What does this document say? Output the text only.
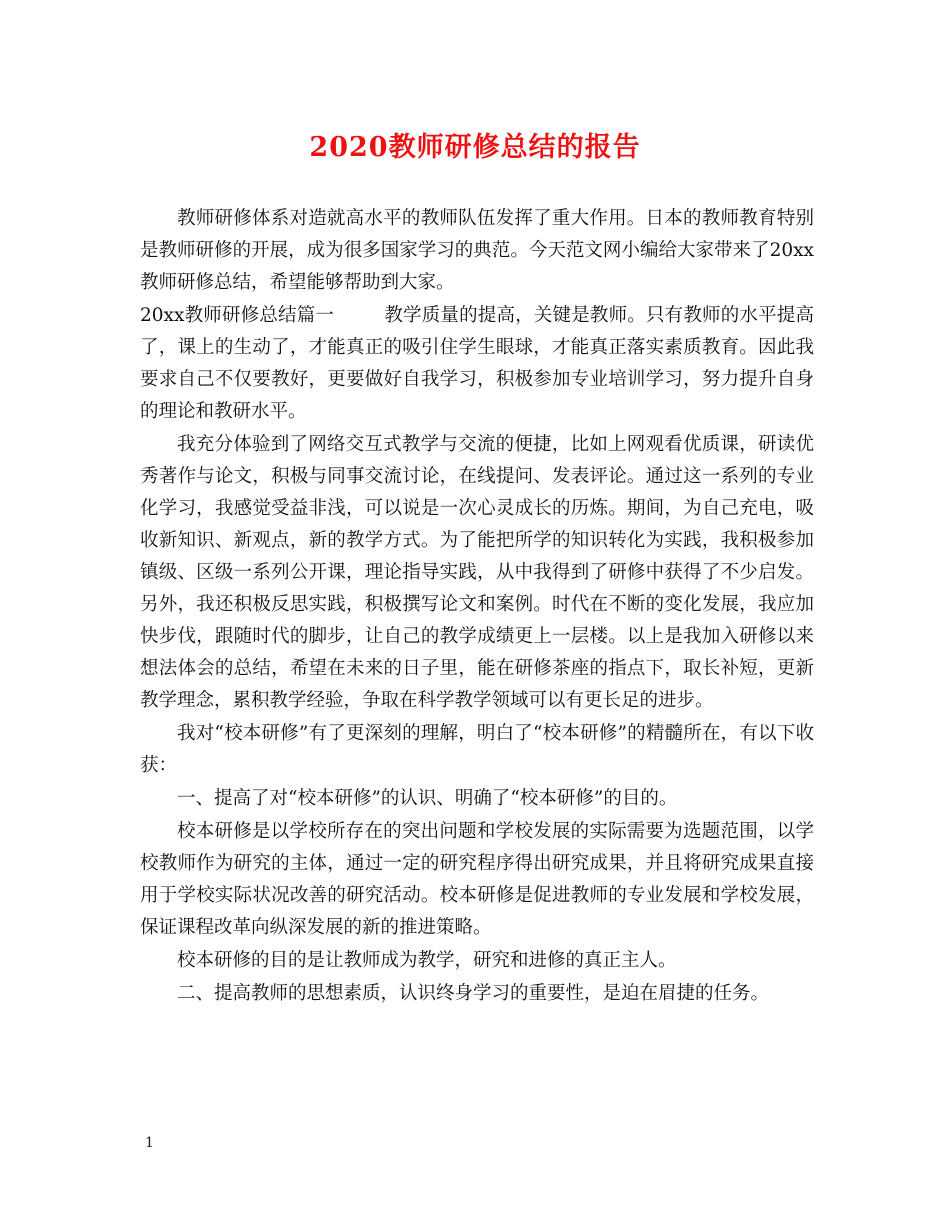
2020教师研修总结的报告

教师研修体系对造就高水平的教师队伍发挥了重大作用。日本的教师教育特别是教师研修的开展，成为很多国家学习的典范。今天范文网小编给大家带来了20xx教师研修总结，希望能够帮助到大家。

20xx教师研修总结篇一	教学质量的提高，关键是教师。只有教师的水平提高了，课上的生动了，才能真正的吸引住学生眼球，才能真正落实素质教育。因此我要求自己不仅要教好，更要做好自我学习，积极参加专业培训学习，努力提升自身的理论和教研水平。

我充分体验到了网络交互式教学与交流的便捷，比如上网观看优质课，研读优秀著作与论文，积极与同事交流讨论，在线提问、发表评论。通过这一系列的专业化学习，我感觉受益非浅，可以说是一次心灵成长的历炼。期间，为自己充电，吸收新知识、新观点，新的教学方式。为了能把所学的知识转化为实践，我积极参加镇级、区级一系列公开课，理论指导实践，从中我得到了研修中获得了不少启发。另外，我还积极反思实践，积极撰写论文和案例。时代在不断的变化发展，我应加快步伐，跟随时代的脚步，让自己的教学成绩更上一层楼。以上是我加入研修以来想法体会的总结，希望在未来的日子里，能在研修茶座的指点下，取长补短，更新教学理念，累积教学经验，争取在科学教学领域可以有更长足的进步。

我对“校本研修”有了更深刻的理解，明白了“校本研修”的精髓所在，有以下收获：

一、提高了对“校本研修”的认识、明确了“校本研修”的目的。

校本研修是以学校所存在的突出问题和学校发展的实际需要为选题范围，以学校教师作为研究的主体，通过一定的研究程序得出研究成果，并且将研究成果直接用于学校实际状况改善的研究活动。校本研修是促进教师的专业发展和学校发展，保证课程改革向纵深发展的新的推进策略。

校本研修的目的是让教师成为教学，研究和进修的真正主人。

二、提高教师的思想素质，认识终身学习的重要性，是迫在眉捷的任务。

1
